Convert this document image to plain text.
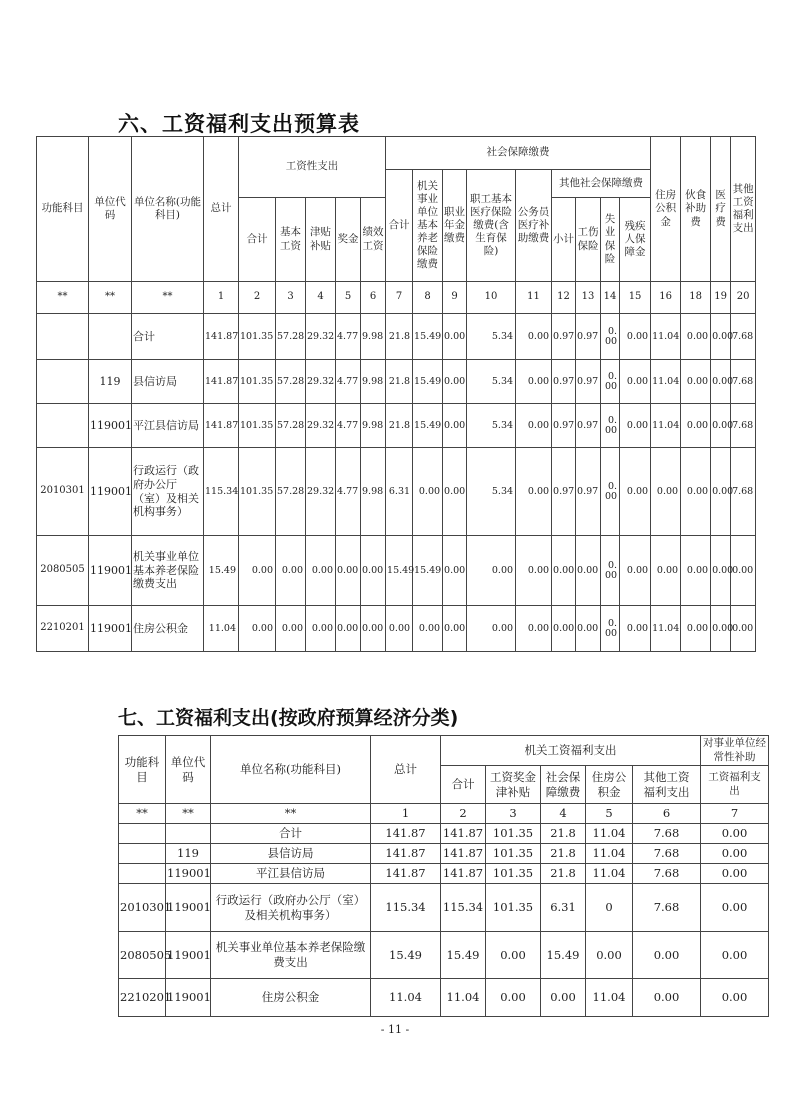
六、工资福利支出预算表
功能科目	单位代码	单位名称(功能科目)	总计	工资性支出					社会保障缴费									住房公积金	伙食补助费	医疗费	其他工资福利支出
									合计	机关事业单位基本养老保险缴费	职业年金缴费	职工基本医疗保险缴费(含生育保险)	公务员医疗补助缴费	其他社会保障缴费							
				合计	基本工资	津贴补贴	奖金	绩效工资						小计	工伤保险	失业保险	残疾人保障金				
**	**	**	1	2	3	4	5	6	7	8	9	10	11	12	13	14	15	16	18	19	20
		合计	141.87	101.35	57.28	29.32	4.77	9.98	21.8	15.49	0.00	5.34	0.00	0.97	0.97	0.00	0.00	11.04	0.00	0.00	7.68
	119	县信访局	141.87	101.35	57.28	29.32	4.77	9.98	21.8	15.49	0.00	5.34	0.00	0.97	0.97	0.00	0.00	11.04	0.00	0.00	7.68
	119001	平江县信访局	141.87	101.35	57.28	29.32	4.77	9.98	21.8	15.49	0.00	5.34	0.00	0.97	0.97	0.00	0.00	11.04	0.00	0.00	7.68
2010301	119001	行政运行（政府办公厅（室）及相关机构事务）	115.34	101.35	57.28	29.32	4.77	9.98	6.31	0.00	0.00	5.34	0.00	0.97	0.97	0.00	0.00	0.00	0.00	0.00	7.68
2080505	119001	机关事业单位基本养老保险缴费支出	15.49	0.00	0.00	0.00	0.00	0.00	15.49	15.49	0.00	0.00	0.00	0.00	0.00	0.00	0.00	0.00	0.00	0.00	0.00
2210201	119001	住房公积金	11.04	0.00	0.00	0.00	0.00	0.00	0.00	0.00	0.00	0.00	0.00	0.00	0.00	0.00	0.00	11.04	0.00	0.00	0.00
七、工资福利支出(按政府预算经济分类)
功能科目	单位代码	单位名称(功能科目)	总计	机关工资福利支出					对事业单位经常性补助
				合计	工资奖金津补贴	社会保障缴费	住房公积金	其他工资福利支出	工资福利支出
**	**	**	1	2	3	4	5	6	7
		合计	141.87	141.87	101.35	21.8	11.04	7.68	0.00
	119	县信访局	141.87	141.87	101.35	21.8	11.04	7.68	0.00
	119001	平江县信访局	141.87	141.87	101.35	21.8	11.04	7.68	0.00
2010301	119001	行政运行（政府办公厅（室）及相关机构事务）	115.34	115.34	101.35	6.31	0	7.68	0.00
2080505	119001	机关事业单位基本养老保险缴费支出	15.49	15.49	0.00	15.49	0.00	0.00	0.00
2210201	119001	住房公积金	11.04	11.04	0.00	0.00	11.04	0.00	0.00
- 11 -
